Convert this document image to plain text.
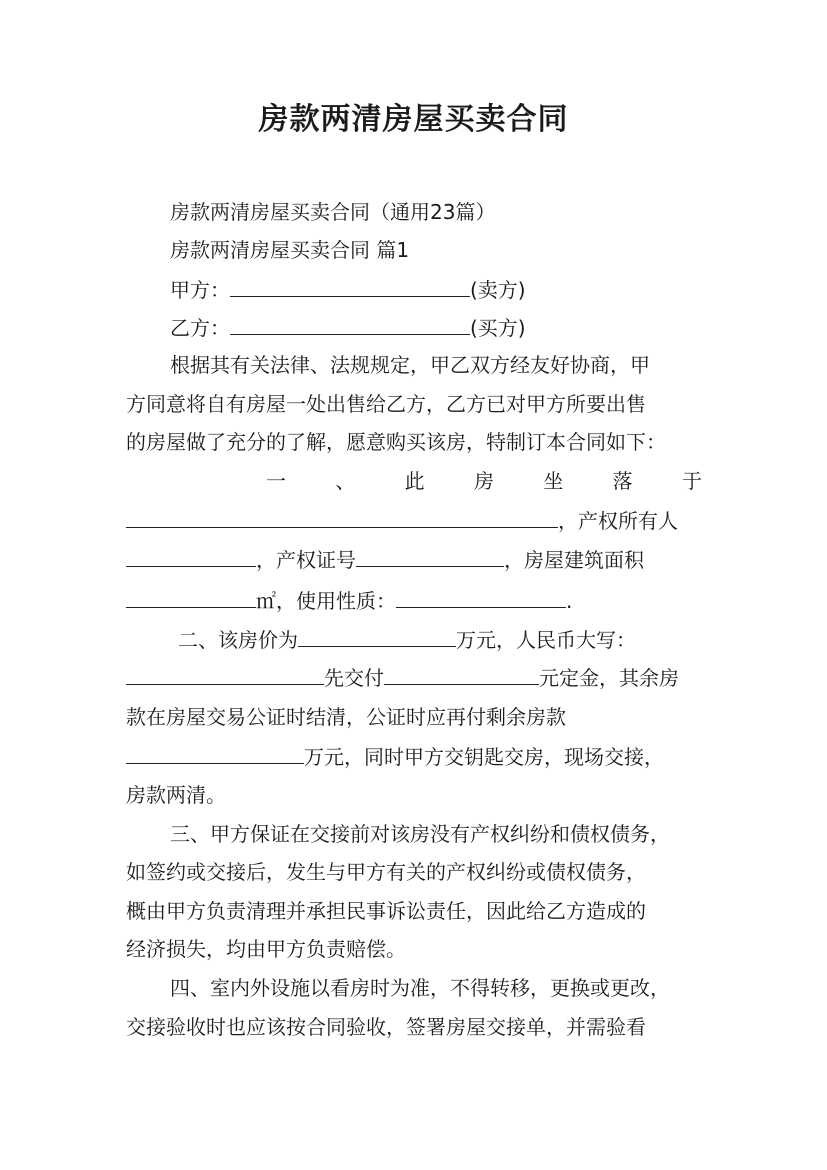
房款两清房屋买卖合同
房款两清房屋买卖合同（通用23篇）
房款两清房屋买卖合同 篇1
甲方：	(卖方)
乙方：	(买方)
根据其有关法律、法规规定，甲乙双方经友好协商，甲
方同意将自有房屋一处出售给乙方，乙方已对甲方所要出售
的房屋做了充分的了解，愿意购买该房，特制订本合同如下：
一 、 此 房 坐 落 于
，产权所有人
，产权证号	，房屋建筑面积
㎡，使用性质：	.
二、该房价为	万元，人民币大写：
先交付	元定金，其余房
款在房屋交易公证时结清，公证时应再付剩余房款
万元，同时甲方交钥匙交房，现场交接，
房款两清。
三、甲方保证在交接前对该房没有产权纠纷和债权债务，
如签约或交接后，发生与甲方有关的产权纠纷或债权债务，
概由甲方负责清理并承担民事诉讼责任，因此给乙方造成的
经济损失，均由甲方负责赔偿。
四、室内外设施以看房时为准，不得转移，更换或更改，
交接验收时也应该按合同验收，签署房屋交接单，并需验看
